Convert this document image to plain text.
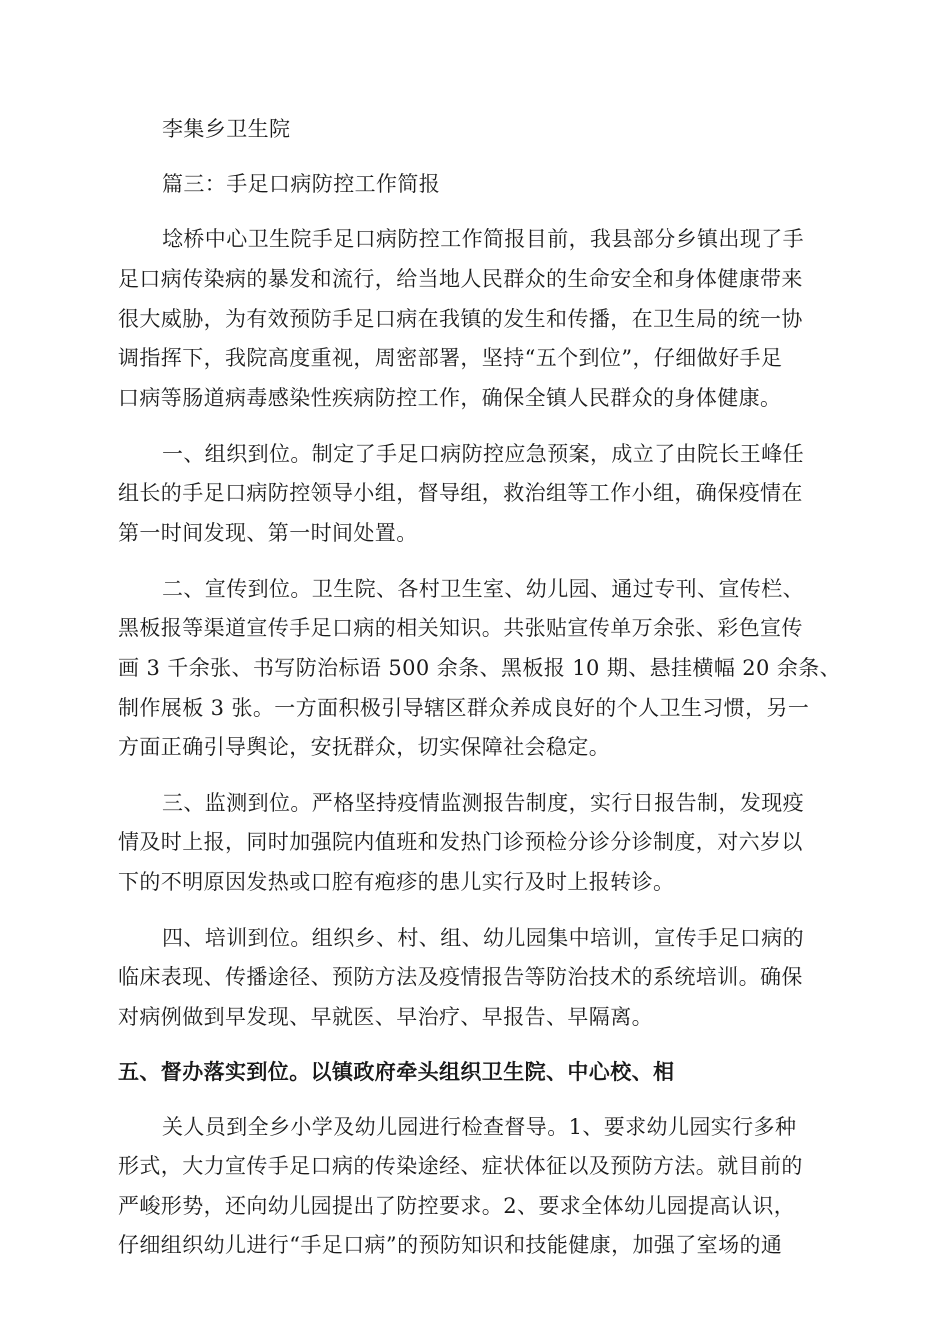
李集乡卫生院
篇三：手足口病防控工作简报
埝桥中心卫生院手足口病防控工作简报目前，我县部分乡镇出现了手
足口病传染病的暴发和流行，给当地人民群众的生命安全和身体健康带来
很大威胁，为有效预防手足口病在我镇的发生和传播，在卫生局的统一协
调指挥下，我院高度重视，周密部署，坚持“五个到位”，仔细做好手足
口病等肠道病毒感染性疾病防控工作，确保全镇人民群众的身体健康。
一、组织到位。制定了手足口病防控应急预案，成立了由院长王峰任
组长的手足口病防控领导小组，督导组，救治组等工作小组，确保疫情在
第一时间发现、第一时间处置。
二、宣传到位。卫生院、各村卫生室、幼儿园、通过专刊、宣传栏、
黑板报等渠道宣传手足口病的相关知识。共张贴宣传单万余张、彩色宣传
画 3 千余张、书写防治标语 500 余条、黑板报 10 期、悬挂横幅 20 余条、
制作展板 3 张。一方面积极引导辖区群众养成良好的个人卫生习惯，另一
方面正确引导舆论，安抚群众，切实保障社会稳定。
三、监测到位。严格坚持疫情监测报告制度，实行日报告制，发现疫
情及时上报，同时加强院内值班和发热门诊预检分诊分诊制度，对六岁以
下的不明原因发热或口腔有疱疹的患儿实行及时上报转诊。
四、培训到位。组织乡、村、组、幼儿园集中培训，宣传手足口病的
临床表现、传播途径、预防方法及疫情报告等防治技术的系统培训。确保
对病例做到早发现、早就医、早治疗、早报告、早隔离。
五、督办落实到位。以镇政府牵头组织卫生院、中心校、相
关人员到全乡小学及幼儿园进行检查督导。1、要求幼儿园实行多种
形式，大力宣传手足口病的传染途经、症状体征以及预防方法。就目前的
严峻形势，还向幼儿园提出了防控要求。2、要求全体幼儿园提高认识，
仔细组织幼儿进行“手足口病”的预防知识和技能健康，加强了室场的通
